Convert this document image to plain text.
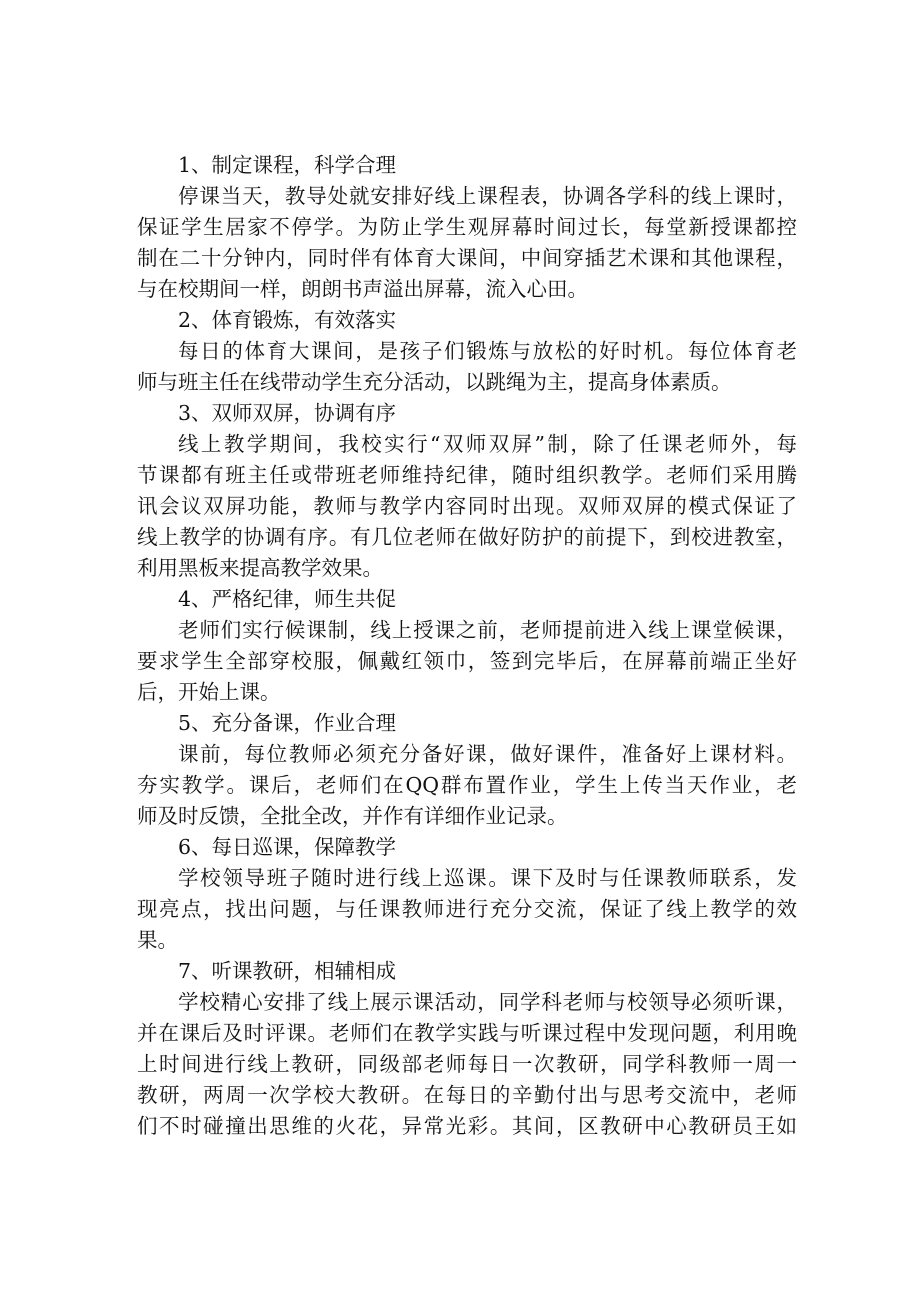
1、制定课程，科学合理

停课当天，教导处就安排好线上课程表，协调各学科的线上课时，
保证学生居家不停学。为防止学生观屏幕时间过长，每堂新授课都控
制在二十分钟内，同时伴有体育大课间，中间穿插艺术课和其他课程，
与在校期间一样，朗朗书声溢出屏幕，流入心田。

2、体育锻炼，有效落实

每日的体育大课间，是孩子们锻炼与放松的好时机。每位体育老
师与班主任在线带动学生充分活动，以跳绳为主，提高身体素质。

3、双师双屏，协调有序

线上教学期间，我校实行“双师双屏”制，除了任课老师外，每
节课都有班主任或带班老师维持纪律，随时组织教学。老师们采用腾
讯会议双屏功能，教师与教学内容同时出现。双师双屏的模式保证了
线上教学的协调有序。有几位老师在做好防护的前提下，到校进教室，
利用黑板来提高教学效果。

4、严格纪律，师生共促

老师们实行候课制，线上授课之前，老师提前进入线上课堂候课，
要求学生全部穿校服，佩戴红领巾，签到完毕后，在屏幕前端正坐好
后，开始上课。

5、充分备课，作业合理

课前，每位教师必须充分备好课，做好课件，准备好上课材料。
夯实教学。课后，老师们在QQ群布置作业，学生上传当天作业，老
师及时反馈，全批全改，并作有详细作业记录。

6、每日巡课，保障教学

学校领导班子随时进行线上巡课。课下及时与任课教师联系，发
现亮点，找出问题，与任课教师进行充分交流，保证了线上教学的效
果。

7、听课教研，相辅相成

学校精心安排了线上展示课活动，同学科老师与校领导必须听课，
并在课后及时评课。老师们在教学实践与听课过程中发现问题，利用晚
上时间进行线上教研，同级部老师每日一次教研，同学科教师一周一
教研，两周一次学校大教研。在每日的辛勤付出与思考交流中，老师
们不时碰撞出思维的火花，异常光彩。其间，区教研中心教研员王如
